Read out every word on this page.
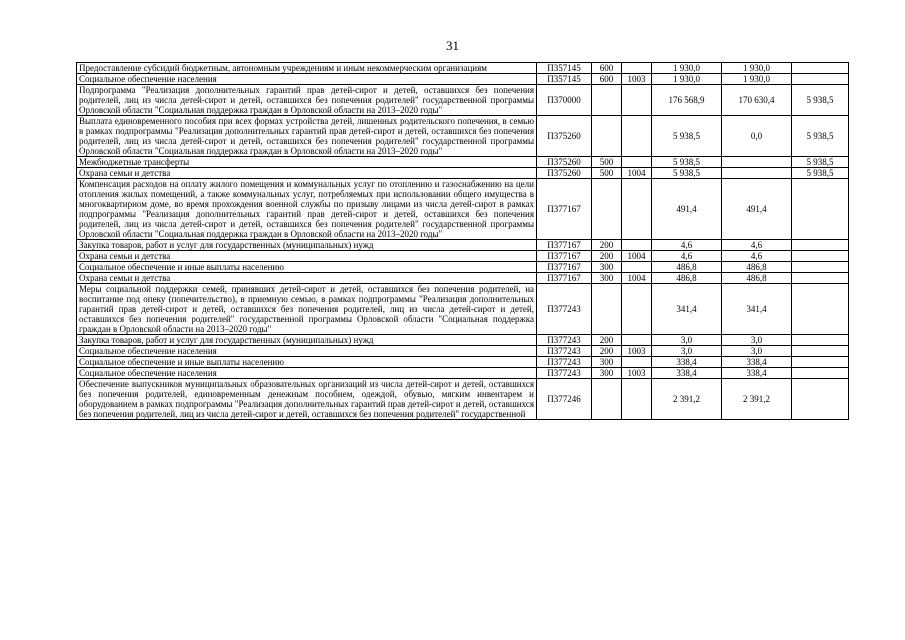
31
Предоставление субсидий бюджетным, автономным учреждениям и иным некоммерческим организациям	П357145	600		1 930,0	1 930,0	
Социальное обеспечение населения	П357145	600	1003	1 930,0	1 930,0	
Подпрограмма "Реализация дополнительных гарантий прав детей-сирот и детей, оставшихся без попечения родителей, лиц из числа детей-сирот и детей, оставшихся без попечения родителей" государственной программы Орловской области "Социальная поддержка граждан в Орловской области на 2013–2020 годы"	П370000			176 568,9	170 630,4	5 938,5
Выплата единовременного пособия при всех формах устройства детей, лишенных родительского попечения, в семью в рамках подпрограммы "Реализация дополнительных гарантий прав детей-сирот и детей, оставшихся без попечения родителей, лиц из числа детей-сирот и детей, оставшихся без попечения родителей" государственной программы Орловской области "Социальная поддержка граждан в Орловской области на 2013–2020 годы"	П375260			5 938,5	0,0	5 938,5
Межбюджетные трансферты	П375260	500		5 938,5		5 938,5
Охрана семьи и детства	П375260	500	1004	5 938,5		5 938,5
Компенсация расходов на оплату жилого помещения и коммунальных услуг по отоплению и газоснабжению на цели отопления жилых помещений, а также коммунальных услуг, потребляемых при использовании общего имущества в многоквартирном доме, во время прохождения военной службы по призыву лицами из числа детей-сирот в рамках подпрограммы "Реализация дополнительных гарантий прав детей-сирот и детей, оставшихся без попечения родителей, лиц из числа детей-сирот и детей, оставшихся без попечения родителей" государственной программы Орловской области "Социальная поддержка граждан в Орловской области на 2013–2020 годы"	П377167			491,4	491,4	
Закупка товаров, работ и услуг для государственных (муниципальных) нужд	П377167	200		4,6	4,6	
Охрана семьи и детства	П377167	200	1004	4,6	4,6	
Социальное обеспечение и иные выплаты населению	П377167	300		486,8	486,8	
Охрана семьи и детства	П377167	300	1004	486,8	486,8	
Меры социальной поддержки семей, принявших детей-сирот и детей, оставшихся без попечения родителей, на воспитание под опеку (попечительство), в приемную семью, в рамках подпрограммы "Реализация дополнительных гарантий прав детей-сирот и детей, оставшихся без попечения родителей, лиц из числа детей-сирот и детей, оставшихся без попечения родителей" государственной программы Орловской области "Социальная поддержка граждан в Орловской области на 2013–2020 годы"	П377243			341,4	341,4	
Закупка товаров, работ и услуг для государственных (муниципальных) нужд	П377243	200		3,0	3,0	
Социальное обеспечение населения	П377243	200	1003	3,0	3,0	
Социальное обеспечение и иные выплаты населению	П377243	300		338,4	338,4	
Социальное обеспечение населения	П377243	300	1003	338,4	338,4	
Обеспечение выпускников муниципальных образовательных организаций из числа детей-сирот и детей, оставшихся без попечения родителей, единовременным денежным пособием, одеждой, обувью, мягким инвентарем и оборудованием в рамках подпрограммы "Реализация дополнительных гарантий прав детей-сирот и детей, оставшихся без попечения родителей, лиц из числа детей-сирот и детей, оставшихся без попечения родителей" государственной	П377246			2 391,2	2 391,2	
